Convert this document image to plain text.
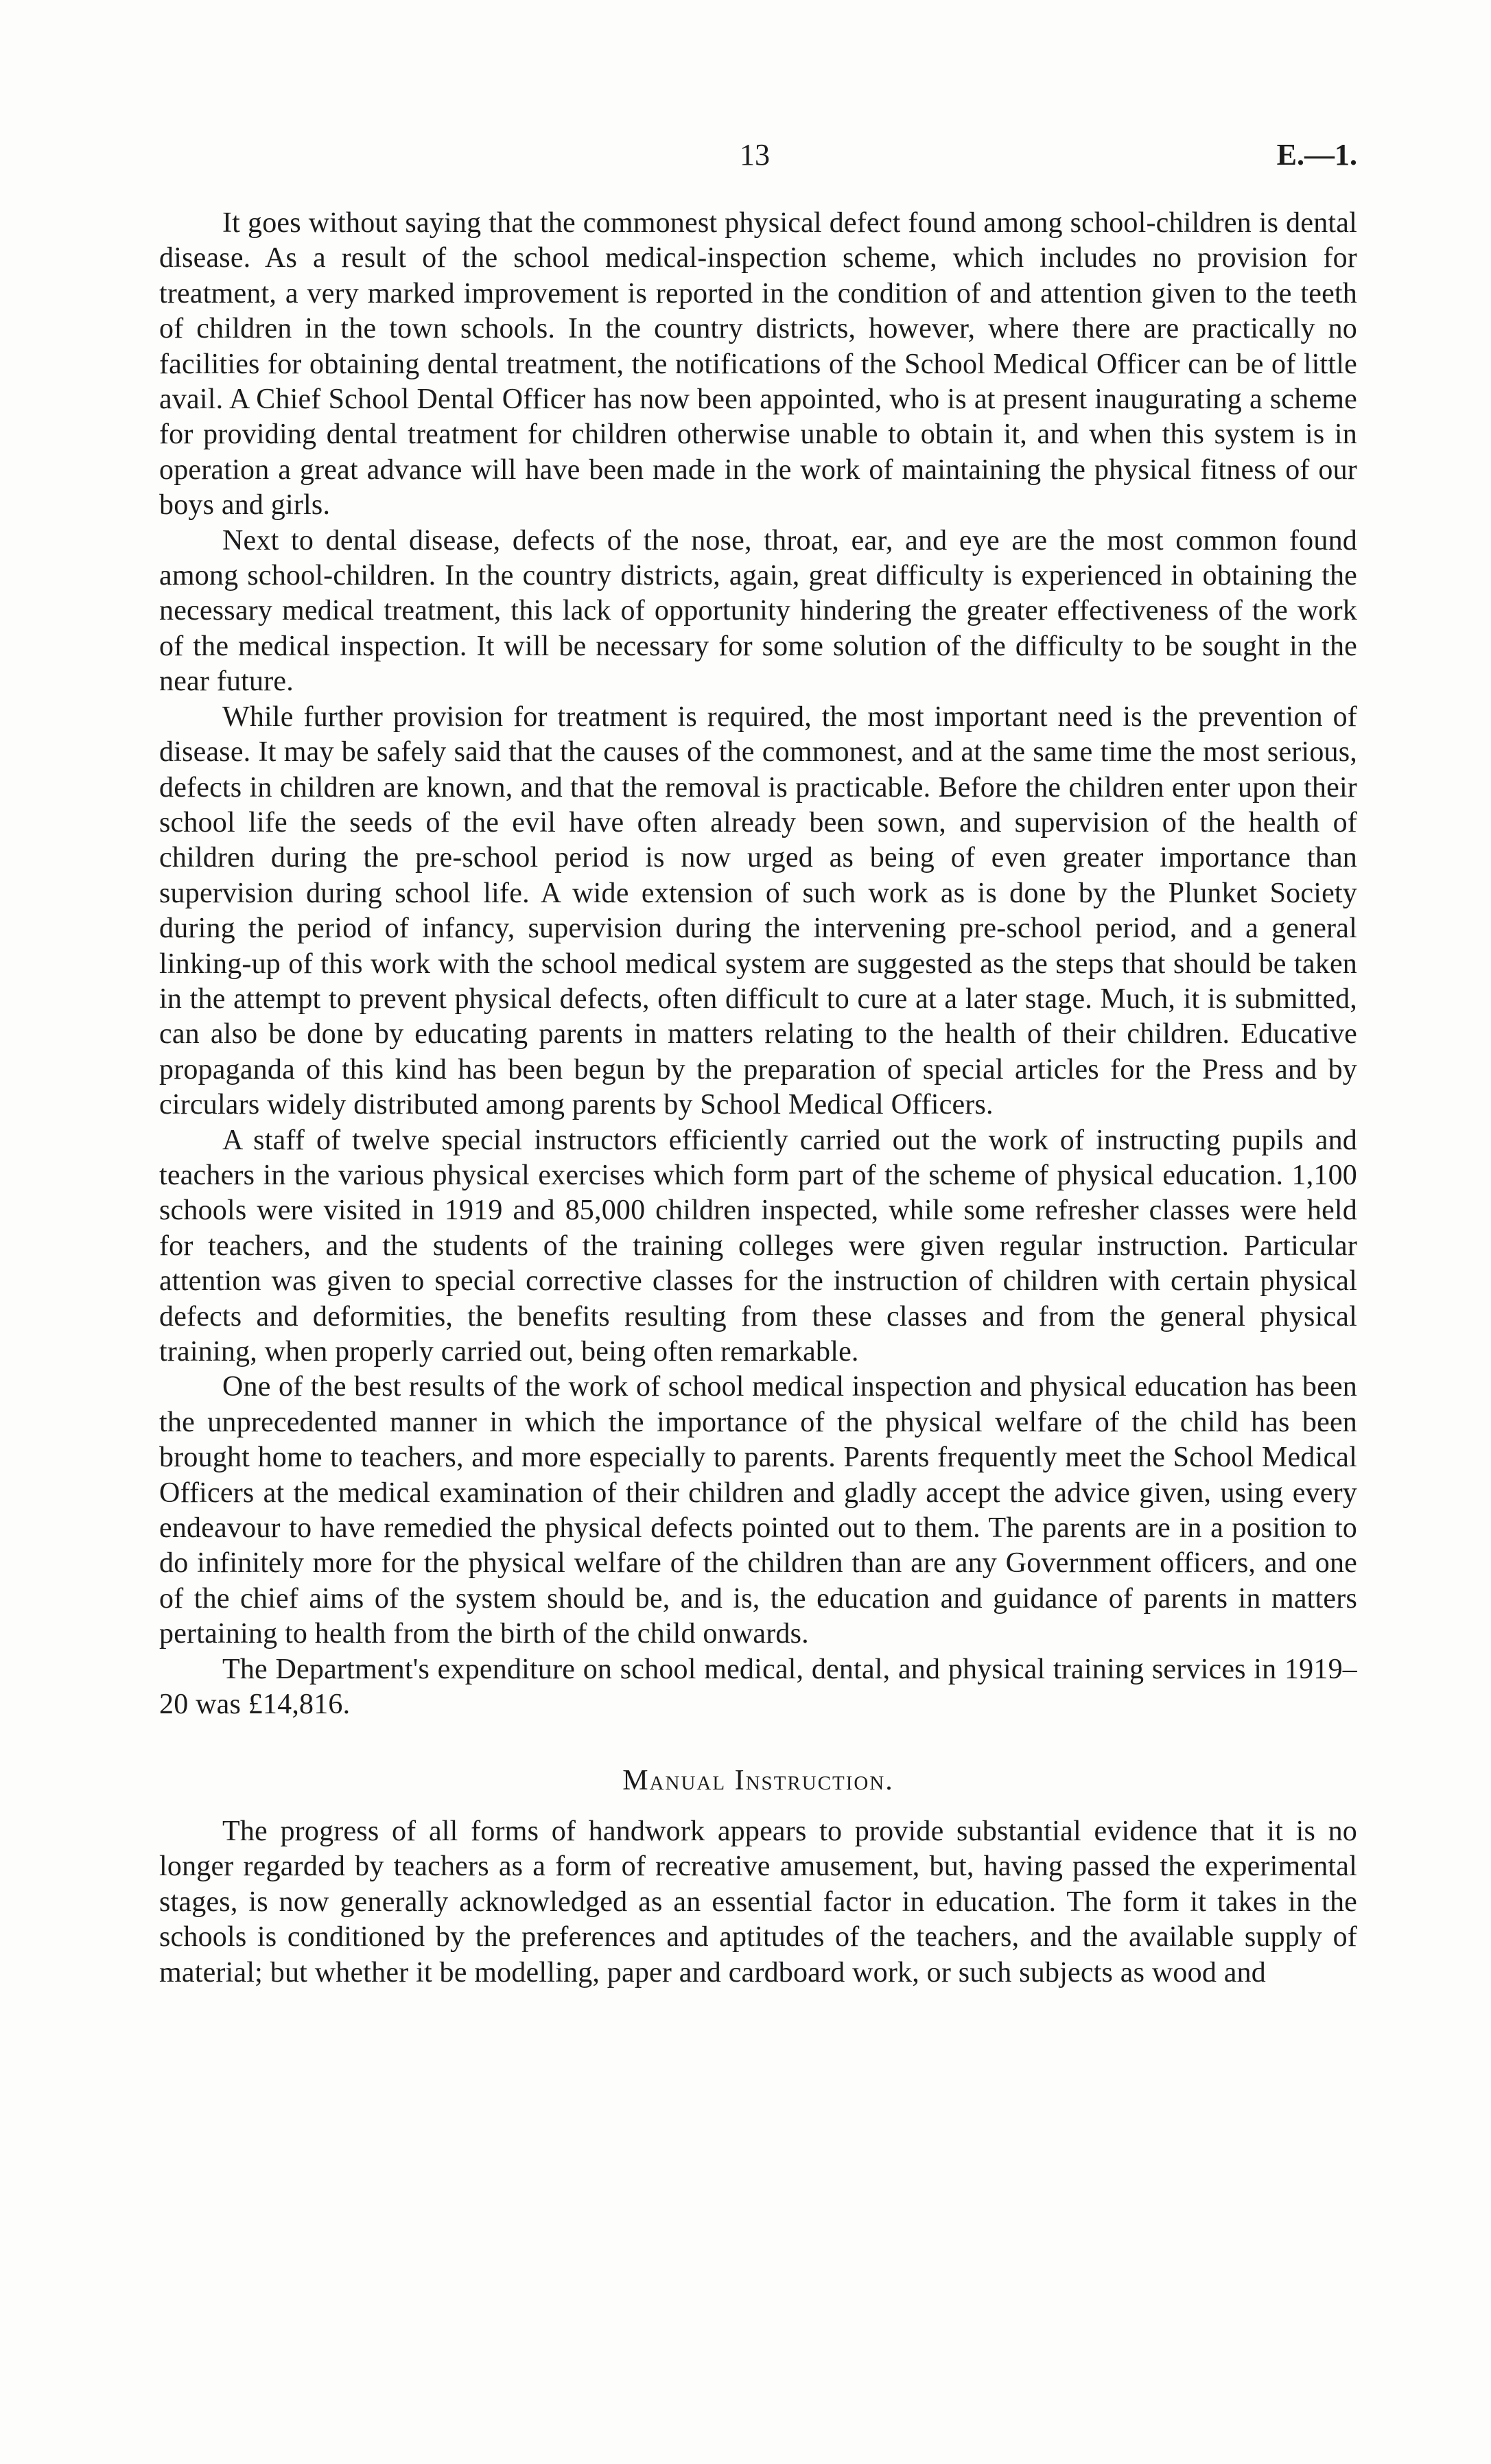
13	E.—1.

It goes without saying that the commonest physical defect found among school-children is dental disease. As a result of the school medical-inspection scheme, which includes no provision for treatment, a very marked improvement is reported in the condition of and attention given to the teeth of children in the town schools. In the country districts, however, where there are practically no facilities for obtaining dental treatment, the notifications of the School Medical Officer can be of little avail. A Chief School Dental Officer has now been appointed, who is at present inaugurating a scheme for providing dental treatment for children otherwise unable to obtain it, and when this system is in operation a great advance will have been made in the work of maintaining the physical fitness of our boys and girls.

Next to dental disease, defects of the nose, throat, ear, and eye are the most common found among school-children. In the country districts, again, great difficulty is experienced in obtaining the necessary medical treatment, this lack of opportunity hindering the greater effectiveness of the work of the medical inspection. It will be necessary for some solution of the difficulty to be sought in the near future.

While further provision for treatment is required, the most important need is the prevention of disease. It may be safely said that the causes of the commonest, and at the same time the most serious, defects in children are known, and that the removal is practicable. Before the children enter upon their school life the seeds of the evil have often already been sown, and supervision of the health of children during the pre-school period is now urged as being of even greater importance than supervision during school life. A wide extension of such work as is done by the Plunket Society during the period of infancy, supervision during the intervening pre-school period, and a general linking-up of this work with the school medical system are suggested as the steps that should be taken in the attempt to prevent physical defects, often difficult to cure at a later stage. Much, it is submitted, can also be done by educating parents in matters relating to the health of their children. Educative propaganda of this kind has been begun by the preparation of special articles for the Press and by circulars widely distributed among parents by School Medical Officers.

A staff of twelve special instructors efficiently carried out the work of instructing pupils and teachers in the various physical exercises which form part of the scheme of physical education. 1,100 schools were visited in 1919 and 85,000 children inspected, while some refresher classes were held for teachers, and the students of the training colleges were given regular instruction. Particular attention was given to special corrective classes for the instruction of children with certain physical defects and deformities, the benefits resulting from these classes and from the general physical training, when properly carried out, being often remarkable.

One of the best results of the work of school medical inspection and physical education has been the unprecedented manner in which the importance of the physical welfare of the child has been brought home to teachers, and more especially to parents. Parents frequently meet the School Medical Officers at the medical examination of their children and gladly accept the advice given, using every endeavour to have remedied the physical defects pointed out to them. The parents are in a position to do infinitely more for the physical welfare of the children than are any Government officers, and one of the chief aims of the system should be, and is, the education and guidance of parents in matters pertaining to health from the birth of the child onwards.

The Department's expenditure on school medical, dental, and physical training services in 1919–20 was £14,816.

Manual Instruction.

The progress of all forms of handwork appears to provide substantial evidence that it is no longer regarded by teachers as a form of recreative amusement, but, having passed the experimental stages, is now generally acknowledged as an essential factor in education. The form it takes in the schools is conditioned by the preferences and aptitudes of the teachers, and the available supply of material; but whether it be modelling, paper and cardboard work, or such subjects as wood and
